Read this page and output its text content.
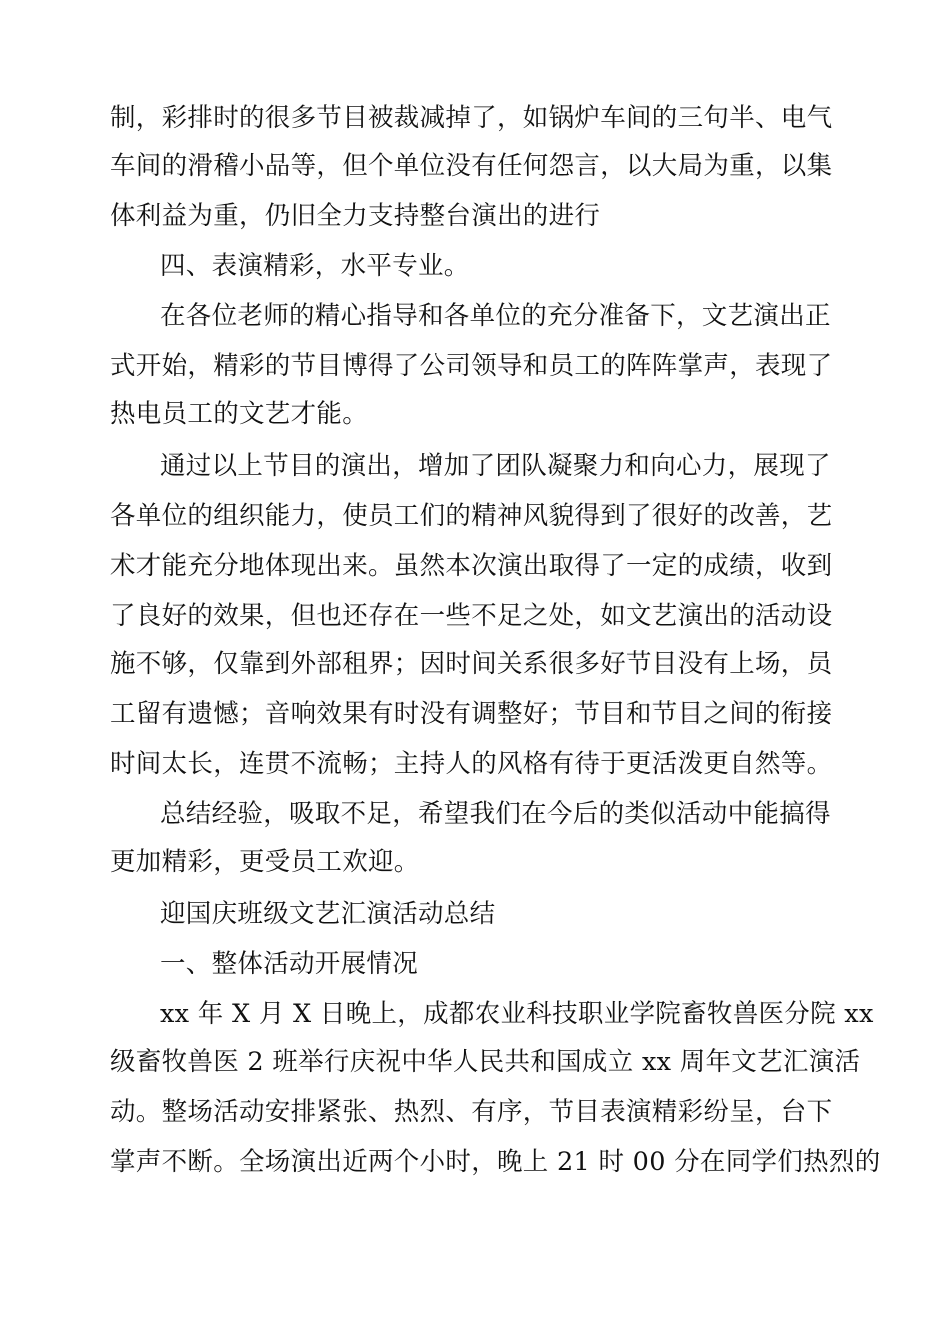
制，彩排时的很多节目被裁减掉了，如锅炉车间的三句半、电气
车间的滑稽小品等，但个单位没有任何怨言，以大局为重，以集
体利益为重，仍旧全力支持整台演出的进行
四、表演精彩，水平专业。
在各位老师的精心指导和各单位的充分准备下，文艺演出正
式开始，精彩的节目博得了公司领导和员工的阵阵掌声，表现了
热电员工的文艺才能。
通过以上节目的演出，增加了团队凝聚力和向心力，展现了
各单位的组织能力，使员工们的精神风貌得到了很好的改善，艺
术才能充分地体现出来。虽然本次演出取得了一定的成绩，收到
了良好的效果，但也还存在一些不足之处，如文艺演出的活动设
施不够，仅靠到外部租界；因时间关系很多好节目没有上场，员
工留有遗憾；音响效果有时没有调整好；节目和节目之间的衔接
时间太长，连贯不流畅；主持人的风格有待于更活泼更自然等。
总结经验，吸取不足，希望我们在今后的类似活动中能搞得
更加精彩，更受员工欢迎。
迎国庆班级文艺汇演活动总结
一、整体活动开展情况
xx 年 X 月 X 日晚上，成都农业科技职业学院畜牧兽医分院 xx
级畜牧兽医 2 班举行庆祝中华人民共和国成立 xx 周年文艺汇演活
动。整场活动安排紧张、热烈、有序，节目表演精彩纷呈，台下
掌声不断。全场演出近两个小时，晚上 21 时 00 分在同学们热烈的
